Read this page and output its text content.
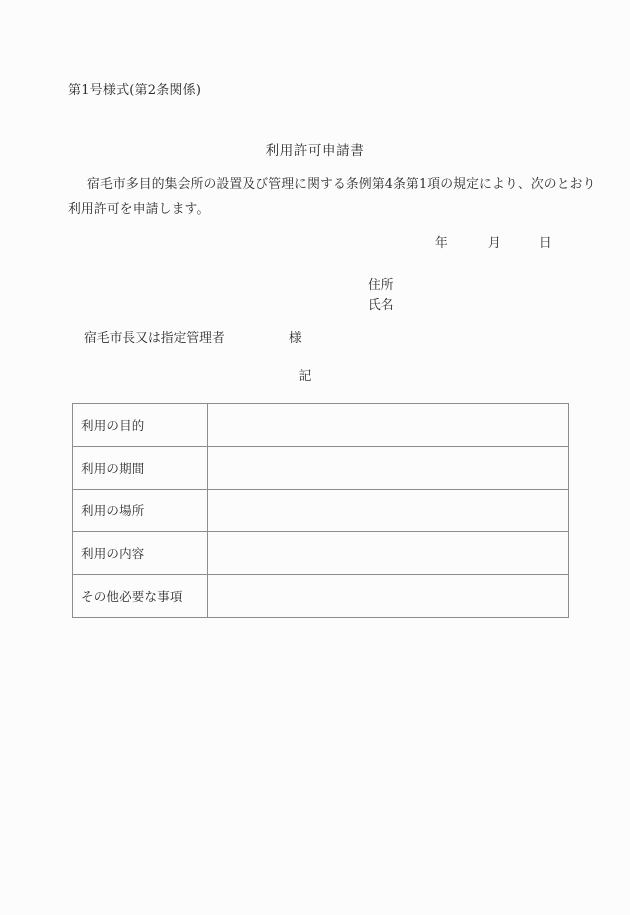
第1号様式(第2条関係)
利用許可申請書
宿毛市多目的集会所の設置及び管理に関する条例第4条第1項の規定により、次のとおり
利用許可を申請します。
年	月	日
住所
氏名
宿毛市長又は指定管理者	様
記
利用の目的	
利用の期間	
利用の場所	
利用の内容	
その他必要な事項	
